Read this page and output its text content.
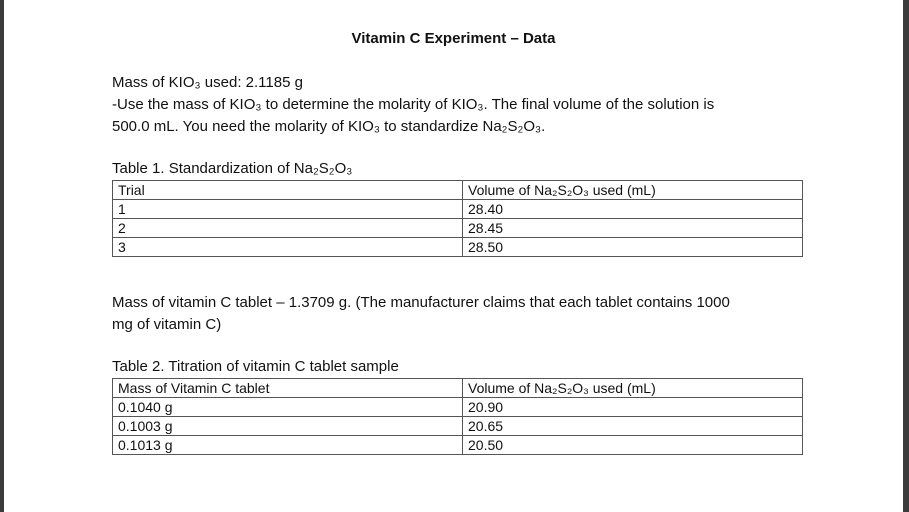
Vitamin C Experiment – Data
Mass of KIO₃ used: 2.1185 g
-Use the mass of KIO₃ to determine the molarity of KIO₃. The final volume of the solution is
500.0 mL. You need the molarity of KIO₃ to standardize Na₂S₂O₃.
Table 1. Standardization of Na₂S₂O₃
Trial	Volume of Na₂S₂O₃ used (mL)
1	28.40
2	28.45
3	28.50
Mass of vitamin C tablet – 1.3709 g. (The manufacturer claims that each tablet contains 1000
mg of vitamin C)
Table 2. Titration of vitamin C tablet sample
Mass of Vitamin C tablet	Volume of Na₂S₂O₃ used (mL)
0.1040 g	20.90
0.1003 g	20.65
0.1013 g	20.50
